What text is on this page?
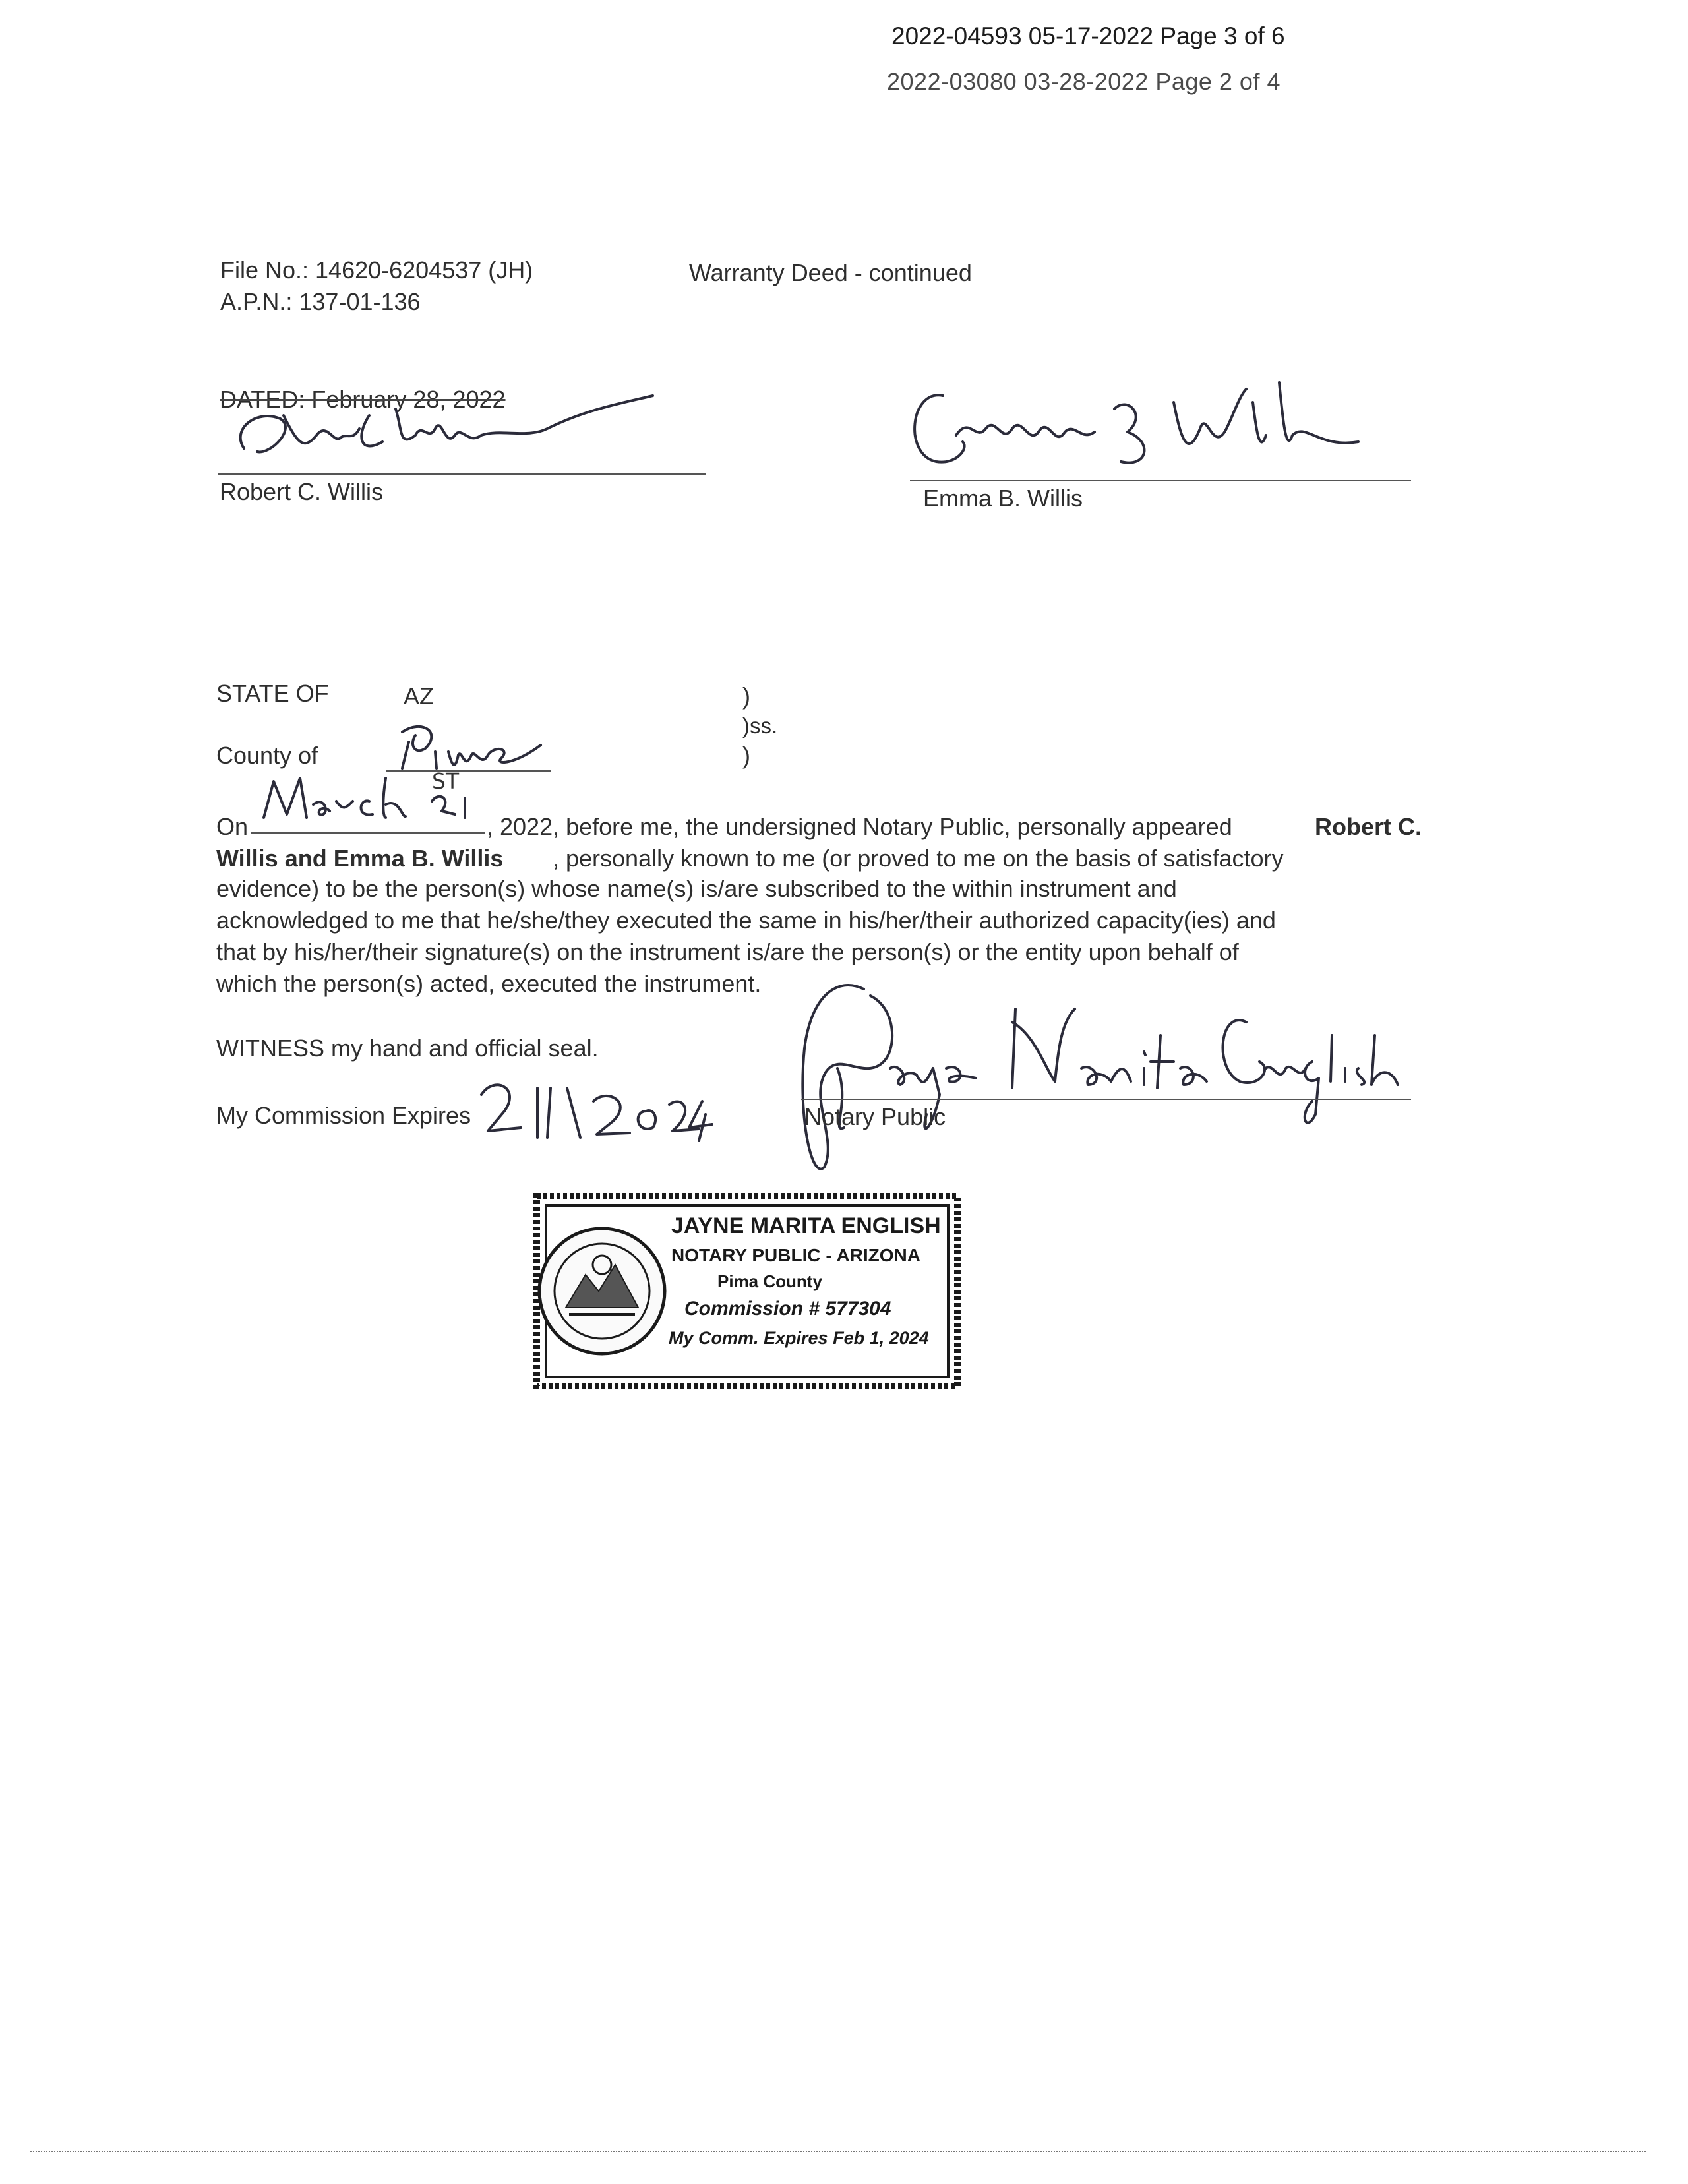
2022-04593 05-17-2022 Page 3 of 6
2022-03080 03-28-2022 Page 2 of 4
File No.: 14620-6204537 (JH)
A.P.N.: 137-01-136
Warranty Deed - continued
DATED: February 28, 2022
Robert C. Willis	Emma B. Willis
STATE OF	AZ
County of
)
)ss.
)
On
ST
, 2022, before me, the undersigned Notary Public, personally appeared	Robert C.
Willis and Emma B. Willis , personally known to me (or proved to me on the basis of satisfactory
evidence) to be the person(s) whose name(s) is/are subscribed to the within instrument and
acknowledged to me that he/she/they executed the same in his/her/their authorized capacity(ies) and
that by his/her/their signature(s) on the instrument is/are the person(s) or the entity upon behalf of
which the person(s) acted, executed the instrument.
WITNESS my hand and official seal.
My Commission Expires	Notary Public
JAYNE MARITA ENGLISH
NOTARY PUBLIC - ARIZONA
Pima County
Commission # 577304
My Comm. Expires Feb 1, 2024
